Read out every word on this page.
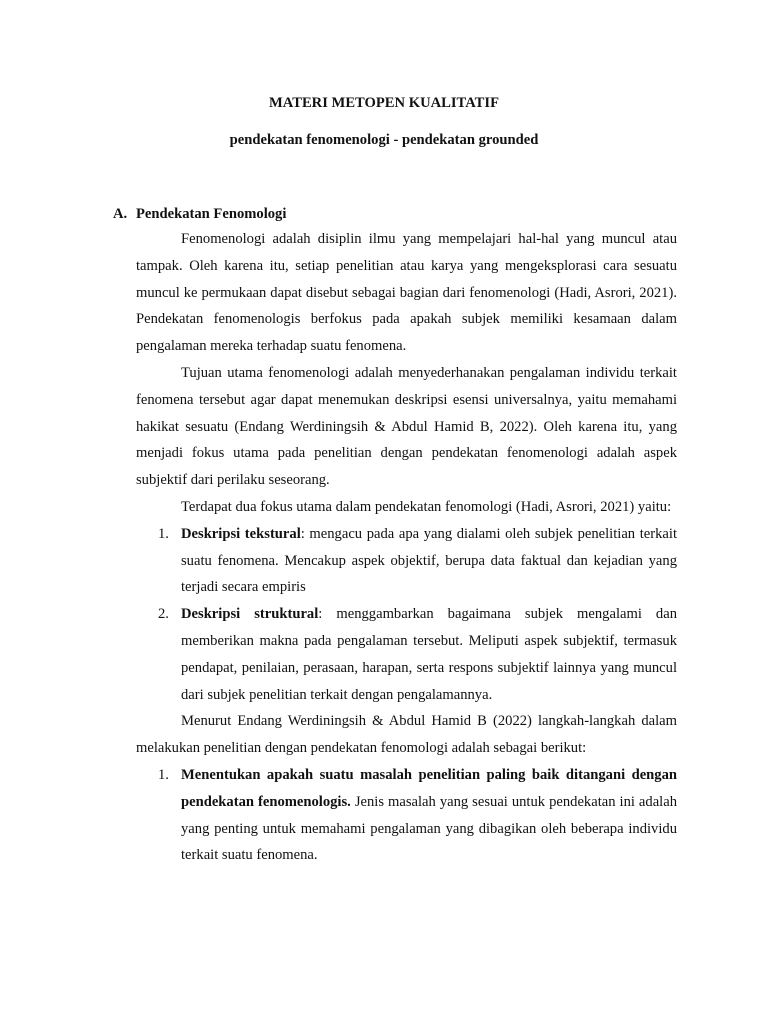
MATERI METOPEN KUALITATIF

pendekatan fenomenologi - pendekatan grounded

A. Pendekatan Fenomologi

Fenomenologi adalah disiplin ilmu yang mempelajari hal-hal yang muncul atau tampak. Oleh karena itu, setiap penelitian atau karya yang mengeksplorasi cara sesuatu muncul ke permukaan dapat disebut sebagai bagian dari fenomenologi (Hadi, Asrori, 2021). Pendekatan fenomenologis berfokus pada apakah subjek memiliki kesamaan dalam pengalaman mereka terhadap suatu fenomena.

Tujuan utama fenomenologi adalah menyederhanakan pengalaman individu terkait fenomena tersebut agar dapat menemukan deskripsi esensi universalnya, yaitu memahami hakikat sesuatu (Endang Werdiningsih & Abdul Hamid B, 2022). Oleh karena itu, yang menjadi fokus utama pada penelitian dengan pendekatan fenomenologi adalah aspek subjektif dari perilaku seseorang.

Terdapat dua fokus utama dalam pendekatan fenomologi (Hadi, Asrori, 2021) yaitu:

1. Deskripsi tekstural: mengacu pada apa yang dialami oleh subjek penelitian terkait suatu fenomena. Mencakup aspek objektif, berupa data faktual dan kejadian yang terjadi secara empiris
2. Deskripsi struktural: menggambarkan bagaimana subjek mengalami dan memberikan makna pada pengalaman tersebut. Meliputi aspek subjektif, termasuk pendapat, penilaian, perasaan, harapan, serta respons subjektif lainnya yang muncul dari subjek penelitian terkait dengan pengalamannya.

Menurut Endang Werdiningsih & Abdul Hamid B (2022) langkah-langkah dalam melakukan penelitian dengan pendekatan fenomologi adalah sebagai berikut:

1. Menentukan apakah suatu masalah penelitian paling baik ditangani dengan pendekatan fenomenologis. Jenis masalah yang sesuai untuk pendekatan ini adalah yang penting untuk memahami pengalaman yang dibagikan oleh beberapa individu terkait suatu fenomena.
